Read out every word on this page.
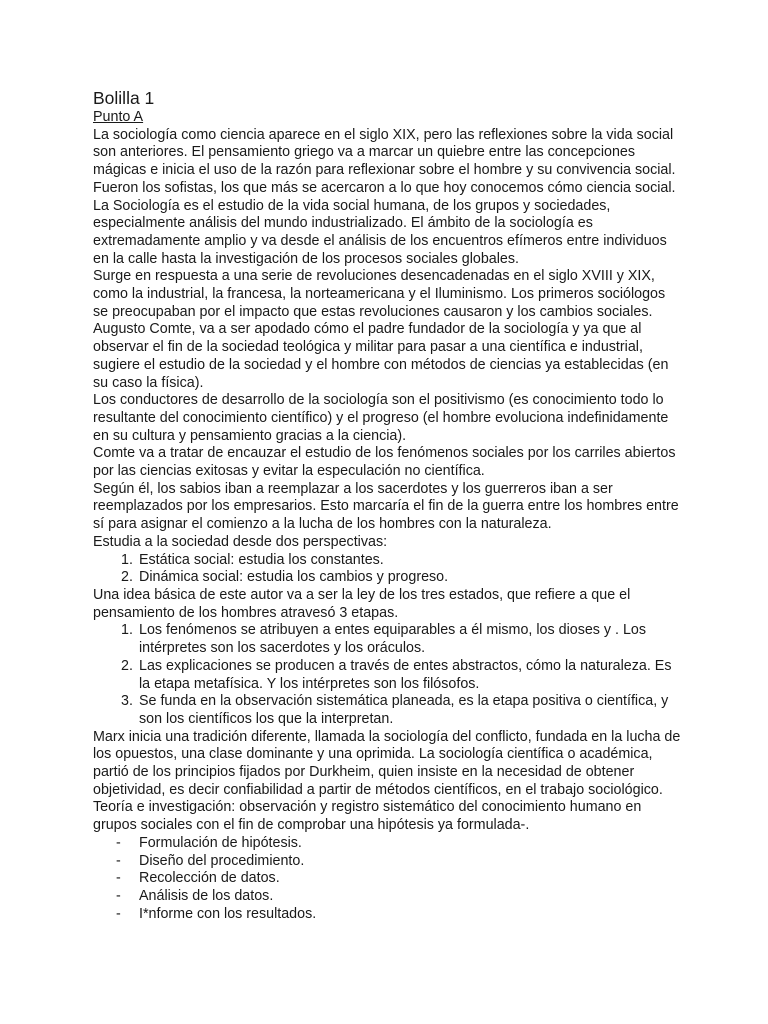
Bolilla 1

Punto A

La sociología como ciencia aparece en el siglo XIX, pero las reflexiones sobre la vida social son anteriores. El pensamiento griego va a marcar un quiebre entre las concepciones mágicas e inicia el uso de la razón para reflexionar sobre el hombre y su convivencia social.

Fueron los sofistas, los que más se acercaron a lo que hoy conocemos cómo ciencia social.

La Sociología es el estudio de la vida social humana, de los grupos y sociedades, especialmente análisis del mundo industrializado. El ámbito de la sociología es extremadamente amplio y va desde el análisis de los encuentros efímeros entre individuos en la calle hasta la investigación de los procesos sociales globales.

Surge en respuesta a una serie de revoluciones desencadenadas en el siglo XVIII y XIX, como la industrial, la francesa, la norteamericana y el Iluminismo. Los primeros sociólogos se preocupaban por el impacto que estas revoluciones causaron y los cambios sociales.

Augusto Comte, va a ser apodado cómo el padre fundador de la sociología y ya que al observar el fin de la sociedad teológica y militar para pasar a una científica e industrial, sugiere el estudio de la sociedad y el hombre con métodos de ciencias ya establecidas (en su caso la física).

Los conductores de desarrollo de la sociología son el positivismo (es conocimiento todo lo resultante del conocimiento científico) y el progreso (el hombre evoluciona indefinidamente en su cultura y pensamiento gracias a la ciencia).

Comte va a tratar de encauzar el estudio de los fenómenos sociales por los carriles abiertos por las ciencias exitosas y evitar la especulación no científica.

Según él, los sabios iban a reemplazar a los sacerdotes y los guerreros iban a ser reemplazados por los empresarios. Esto marcaría el fin de la guerra entre los hombres entre sí para asignar el comienzo a la lucha de los hombres con la naturaleza.

Estudia a la sociedad desde dos perspectivas:

1. Estática social: estudia los constantes.
2. Dinámica social: estudia los cambios y progreso.

Una idea básica de este autor va a ser la ley de los tres estados, que refiere a que el pensamiento de los hombres atravesó 3 etapas.

1. Los fenómenos se atribuyen a entes equiparables a él mismo, los dioses y . Los intérpretes son los sacerdotes y los oráculos.
2. Las explicaciones se producen a través de entes abstractos, cómo la naturaleza. Es la etapa metafísica. Y los intérpretes son los filósofos.
3. Se funda en la observación sistemática planeada, es la etapa positiva o científica, y son los científicos los que la interpretan.

Marx inicia una tradición diferente, llamada la sociología del conflicto, fundada en la lucha de los opuestos, una clase dominante y una oprimida. La sociología científica o académica, partió de los principios fijados por Durkheim, quien insiste en la necesidad de obtener objetividad, es decir confiabilidad a partir de métodos científicos, en el trabajo sociológico.

Teoría e investigación: observación y registro sistemático del conocimiento humano en grupos sociales con el fin de comprobar una hipótesis ya formulada-.

-	Formulación de hipótesis.
-	Diseño del procedimiento.
-	Recolección de datos.
-	Análisis de los datos.
-	I*nforme con los resultados.
